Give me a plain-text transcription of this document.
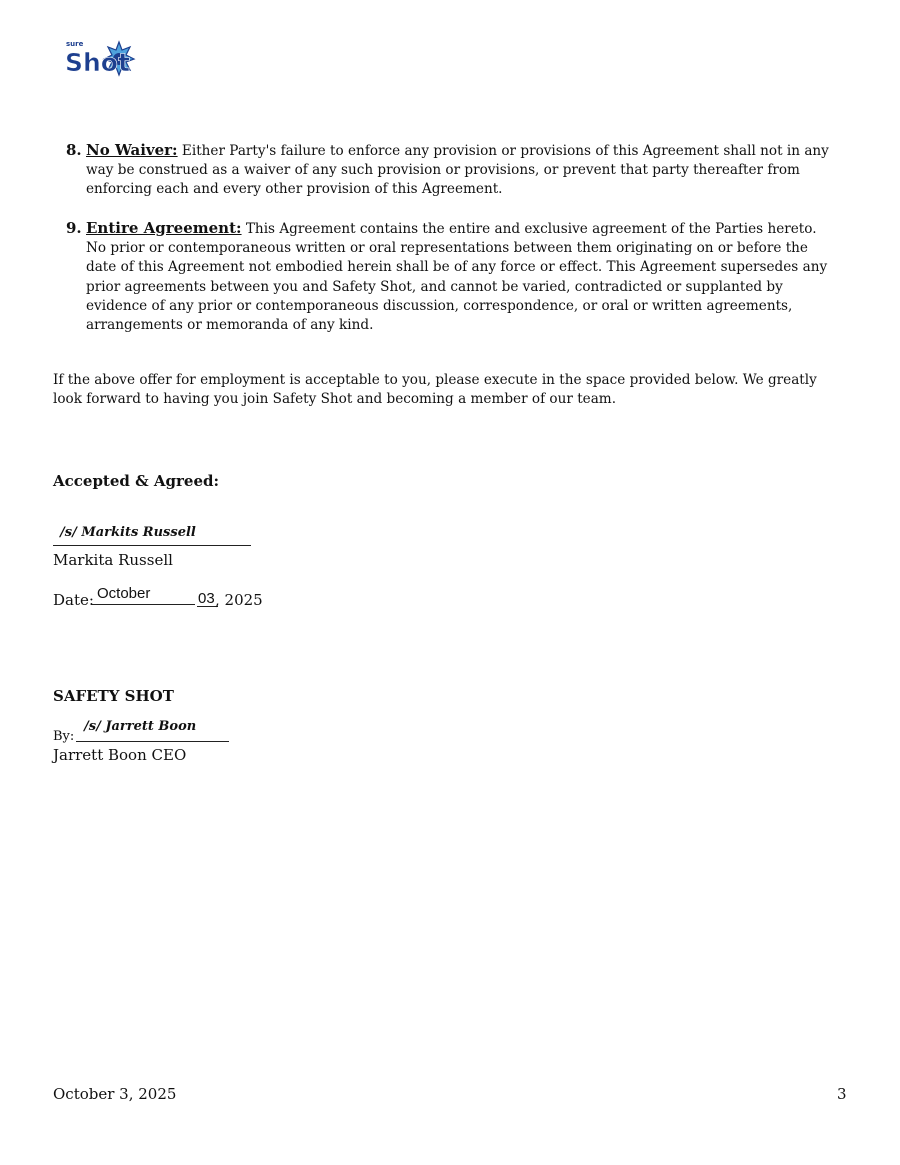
sure
Shot
8. No Waiver: Either Party's failure to enforce any provision or provisions of this Agreement shall not in any way be construed as a waiver of any such provision or provisions, or prevent that party thereafter from enforcing each and every other provision of this Agreement.
9. Entire Agreement: This Agreement contains the entire and exclusive agreement of the Parties hereto. No prior or contemporaneous written or oral representations between them originating on or before the date of this Agreement not embodied herein shall be of any force or effect. This Agreement supersedes any prior agreements between you and Safety Shot, and cannot be varied, contradicted or supplanted by evidence of any prior or contemporaneous discussion, correspondence, or oral or written agreements, arrangements or memoranda of any kind.
If the above offer for employment is acceptable to you, please execute in the space provided below. We greatly look forward to having you join Safety Shot and becoming a member of our team.
Accepted & Agreed:
/s/ Markits Russell
Markita Russell
Date: October	03 , 2025
SAFETY SHOT
By:
/s/ Jarrett Boon
Jarrett Boon CEO
October 3, 2025	3
